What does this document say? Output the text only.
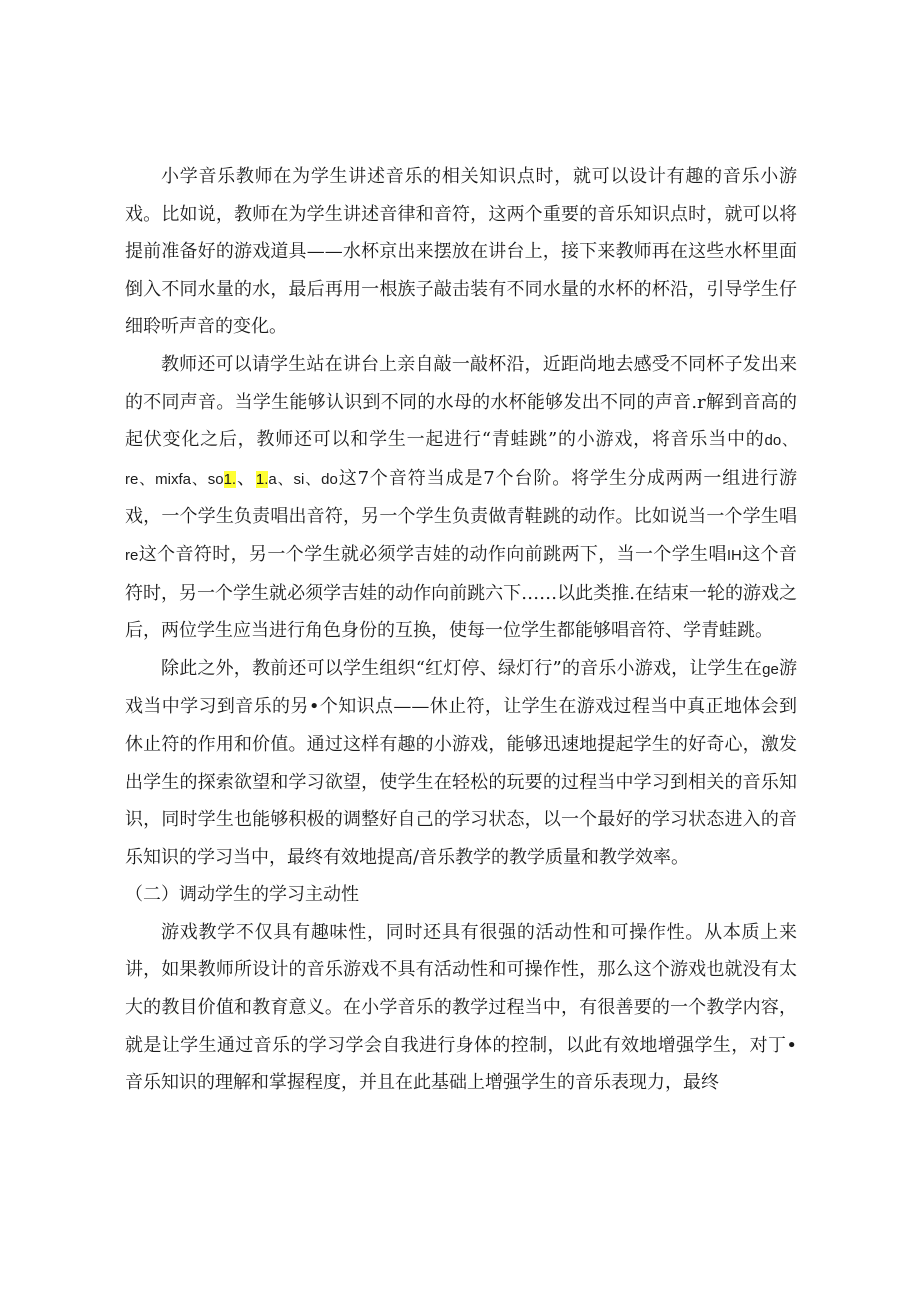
小学音乐教师在为学生讲述音乐的相关知识点时，就可以设计有趣的音乐小游戏。比如说，教师在为学生讲述音律和音符，这两个重要的音乐知识点时，就可以将提前准备好的游戏道具——水杯京出来摆放在讲台上，接下来教师再在这些水杯里面倒入不同水量的水，最后再用一根族子敲击装有不同水量的水杯的杯沿，引导学生仔细聆听声音的变化。

教师还可以请学生站在讲台上亲自敲一敲杯沿，近距尚地去感受不同杯子发出来的不同声音。当学生能够认识到不同的水母的水杯能够发出不同的声音.r解到音高的起伏变化之后，教师还可以和学生一起进行“青蛙跳”的小游戏，将音乐当中的do、re、mixfa、so1.、1.a、si、do这7个音符当成是7个台阶。将学生分成两两一组进行游戏，一个学生负责唱出音符，另一个学生负责做青鞋跳的动作。比如说当一个学生唱re这个音符时，另一个学生就必须学吉娃的动作向前跳两下，当一个学生唱IH这个音符时，另一个学生就必须学吉娃的动作向前跳六下……以此类推.在结束一轮的游戏之后，两位学生应当进行角色身份的互换，使每一位学生都能够唱音符、学青蛙跳。

除此之外，教前还可以学生组织“红灯停、绿灯行”的音乐小游戏，让学生在ge游戏当中学习到音乐的另•个知识点——休止符，让学生在游戏过程当中真正地体会到休止符的作用和价值。通过这样有趣的小游戏，能够迅速地提起学生的好奇心，激发出学生的探索欲望和学习欲望，使学生在轻松的玩要的过程当中学习到相关的音乐知识，同时学生也能够积极的调整好自己的学习状态，以一个最好的学习状态进入的音乐知识的学习当中，最终有效地提高/音乐教学的教学质量和教学效率。

（二）调动学生的学习主动性

游戏教学不仅具有趣味性，同时还具有很强的活动性和可操作性。从本质上来讲，如果教师所设计的音乐游戏不具有活动性和可操作性，那么这个游戏也就没有太大的教目价值和教育意义。在小学音乐的教学过程当中，有很善要的一个教学内容，就是让学生通过音乐的学习学会自我进行身体的控制，以此有效地增强学生，对丁•音乐知识的理解和掌握程度，并且在此基础上增强学生的音乐表现力，最终
